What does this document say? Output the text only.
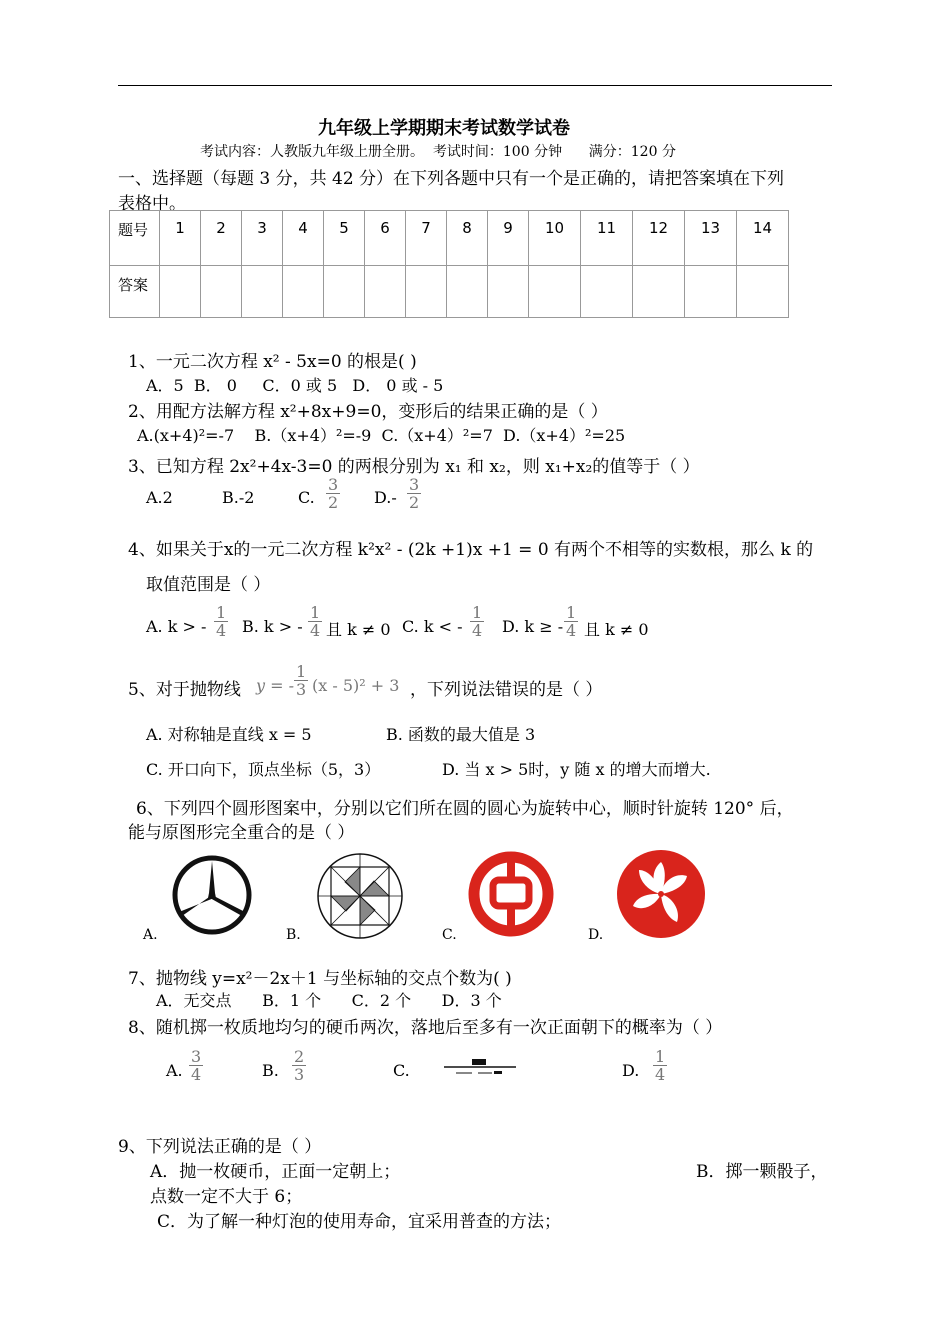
九年级上学期期末考试数学试卷
考试内容：人教版九年级上册全册。  考试时间：100 分钟      满分：120 分
一、选择题（每题 3 分，共 42 分）在下列各题中只有一个是正确的，请把答案填在下列
表格中。
题号	1	2	3	4	5	6	7	8	9	10	11	12	13	14
答案														
1、一元二次方程 x² - 5x=0 的根是( )
A．5  B． 0     C．0 或 5   D． 0 或 - 5
2、用配方法解方程 x²+8x+9=0，变形后的结果正确的是（ ）
A.(x+4)²=-7    B.（x+4）²=-9  C.（x+4）²=7  D.（x+4）²=25
3、已知方程 2x²+4x-3=0 的两根分别为 x₁ 和 x₂，则 x₁+x₂的值等于（ ）
A.2	B.-2	C. $\frac{3}{2} D.- \frac{3}{2}$
4、如果关于x的一元二次方程 k²x² - (2k +1)x +1 = 0 有两个不相等的实数根，那么 k 的
取值范围是（ ）
A. k > - $\frac{1}{4} B$. k > - $\frac{1}{4}$ 且 k ≠ 0 C. k < - $\frac{1}{4} D$. k ≥ - $\frac{1}{4}$ 且 k ≠ 0
5、对于抛物线 y = - $\frac{1}{3} (x - 5)^2 + 3$ ，下列说法错误的是（ ）
A. 对称轴是直线 x = 5	B. 函数的最大值是 3
C. 开口向下，顶点坐标（5，3）	D. 当 x > 5时，y 随 x 的增大而增大.
6、下列四个圆形图案中，分别以它们所在圆的圆心为旋转中心，顺时针旋转 120° 后，
能与原图形完全重合的是（ ）
A.	B.	C.	D.
7、抛物线 y=x²－2x＋1 与坐标轴的交点个数为( )
A．无交点      B．1 个      C．2 个      D．3 个
8、随机掷一枚质地均匀的硬币两次，落地后至多有一次正面朝下的概率为（ ）
A. $\frac{3}{4}$	B. $\frac{2}{3}$	C.	D. $\frac{1}{4}$
9、下列说法正确的是（ ）
A．抛一枚硬币，正面一定朝上；	B．掷一颗骰子，
点数一定不大于 6；
C．为了解一种灯泡的使用寿命，宜采用普查的方法；
